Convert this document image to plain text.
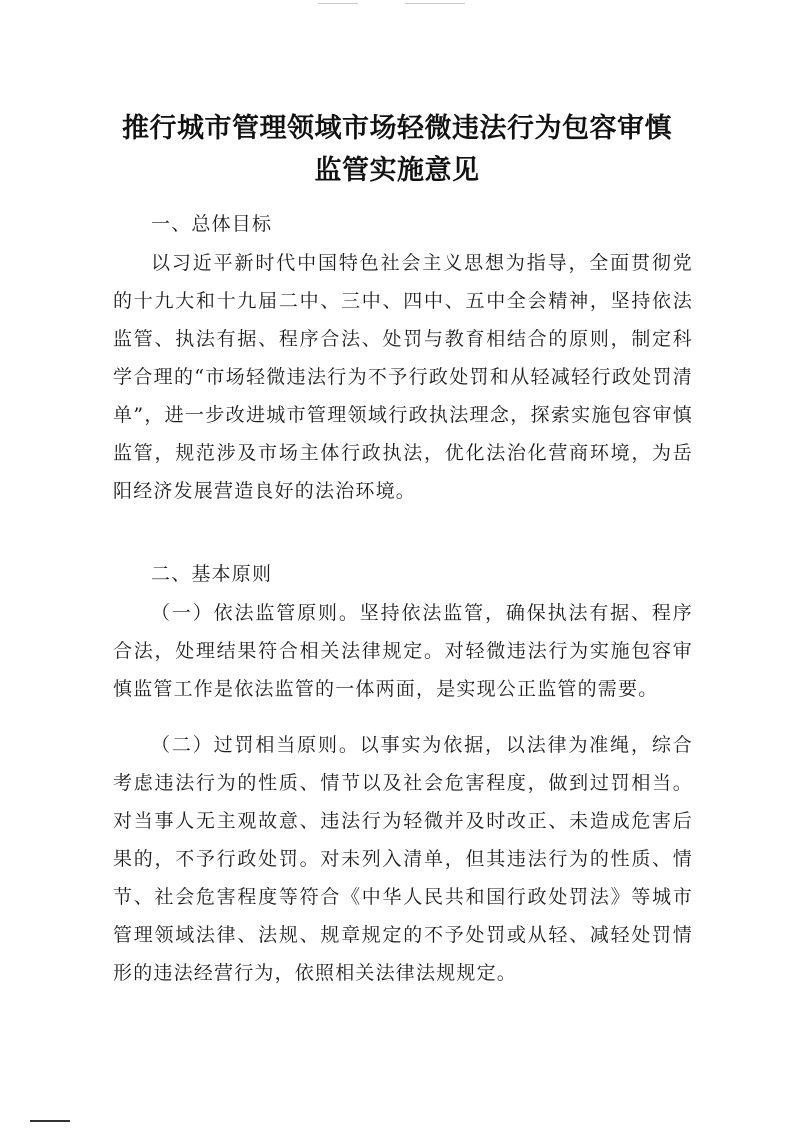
推行城市管理领域市场轻微违法行为包容审慎
监管实施意见

一、总体目标

以习近平新时代中国特色社会主义思想为指导，全面贯彻党的十九大和十九届二中、三中、四中、五中全会精神，坚持依法监管、执法有据、程序合法、处罚与教育相结合的原则，制定科学合理的“市场轻微违法行为不予行政处罚和从轻减轻行政处罚清单”，进一步改进城市管理领域行政执法理念，探索实施包容审慎监管，规范涉及市场主体行政执法，优化法治化营商环境，为岳阳经济发展营造良好的法治环境。

二、基本原则

（一）依法监管原则。坚持依法监管，确保执法有据、程序合法，处理结果符合相关法律规定。对轻微违法行为实施包容审慎监管工作是依法监管的一体两面，是实现公正监管的需要。

（二）过罚相当原则。以事实为依据，以法律为准绳，综合考虑违法行为的性质、情节以及社会危害程度，做到过罚相当。对当事人无主观故意、违法行为轻微并及时改正、未造成危害后果的，不予行政处罚。对未列入清单，但其违法行为的性质、情节、社会危害程度等符合《中华人民共和国行政处罚法》等城市管理领域法律、法规、规章规定的不予处罚或从轻、减轻处罚情形的违法经营行为，依照相关法律法规规定。
